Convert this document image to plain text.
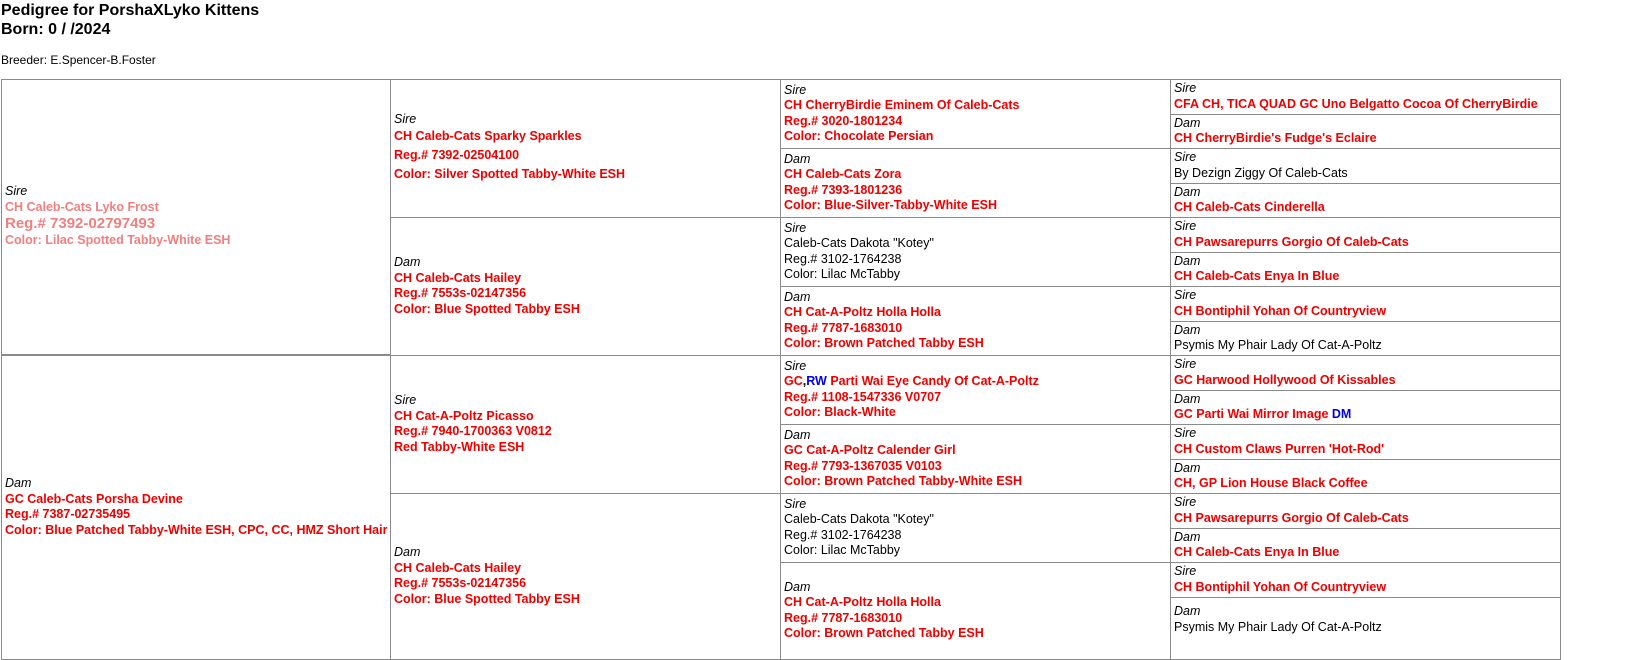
Pedigree for PorshaXLyko Kittens
Born: 0 / /2024
Breeder: E.Spencer-B.Foster
Sire
CH Caleb-Cats Lyko Frost
Reg.# 7392-02797493
Color: Lilac Spotted Tabby-White ESH
Dam
GC Caleb-Cats Porsha Devine
Reg.# 7387-02735495
Color: Blue Patched Tabby-White ESH, CPC, CC, HMZ Short Hair
Sire
CH Caleb-Cats Sparky Sparkles
Reg.# 7392-02504100
Color: Silver Spotted Tabby-White ESH
Dam
CH Caleb-Cats Hailey
Reg.# 7553s-02147356
Color: Blue Spotted Tabby ESH
Sire
CH Cat-A-Poltz Picasso
Reg.# 7940-1700363 V0812
Red Tabby-White ESH
Dam
CH Caleb-Cats Hailey
Reg.# 7553s-02147356
Color: Blue Spotted Tabby ESH
Sire
CH CherryBirdie Eminem Of Caleb-Cats
Reg.# 3020-1801234
Color: Chocolate Persian
Dam
CH Caleb-Cats Zora
Reg.# 7393-1801236
Color: Blue-Silver-Tabby-White ESH
Sire
Caleb-Cats Dakota "Kotey"
Reg.# 3102-1764238
Color: Lilac McTabby
Dam
CH Cat-A-Poltz Holla Holla
Reg.# 7787-1683010
Color: Brown Patched Tabby ESH
Sire
GC,RW Parti Wai Eye Candy Of Cat-A-Poltz
Reg.# 1108-1547336 V0707
Color: Black-White
Dam
GC Cat-A-Poltz Calender Girl
Reg.# 7793-1367035 V0103
Color: Brown Patched Tabby-White ESH
Sire
Caleb-Cats Dakota "Kotey"
Reg.# 3102-1764238
Color: Lilac McTabby
Dam
CH Cat-A-Poltz Holla Holla
Reg.# 7787-1683010
Color: Brown Patched Tabby ESH
Sire
CFA CH, TICA QUAD GC Uno Belgatto Cocoa Of CherryBirdie
Dam
CH CherryBirdie's Fudge's Eclaire
Sire
By Dezign Ziggy Of Caleb-Cats
Dam
CH Caleb-Cats Cinderella
Sire
CH Pawsarepurrs Gorgio Of Caleb-Cats
Dam
CH Caleb-Cats Enya In Blue
Sire
CH Bontiphil Yohan Of Countryview
Dam
Psymis My Phair Lady Of Cat-A-Poltz
Sire
GC Harwood Hollywood Of Kissables
Dam
GC Parti Wai Mirror Image DM
Sire
CH Custom Claws Purren 'Hot-Rod'
Dam
CH, GP Lion House Black Coffee
Sire
CH Pawsarepurrs Gorgio Of Caleb-Cats
Dam
CH Caleb-Cats Enya In Blue
Sire
CH Bontiphil Yohan Of Countryview
Dam
Psymis My Phair Lady Of Cat-A-Poltz
